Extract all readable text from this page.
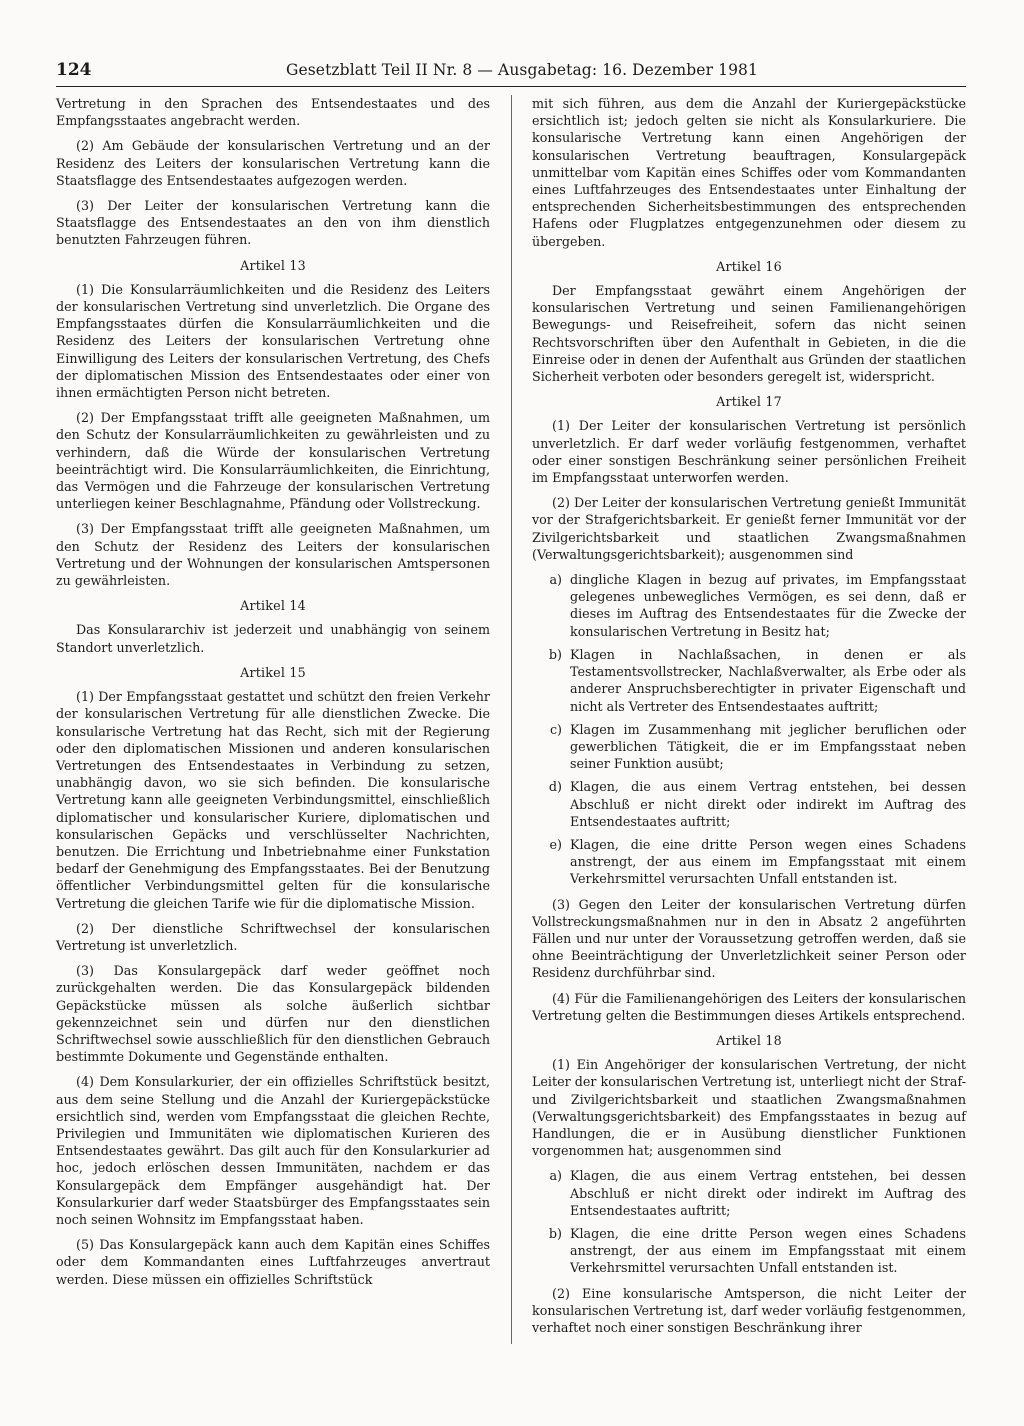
124	Gesetzblatt Teil II Nr. 8 — Ausgabetag: 16. Dezember 1981

Vertretung in den Sprachen des Entsendestaates und des Empfangsstaates angebracht werden.

(2) Am Gebäude der konsularischen Vertretung und an der Residenz des Leiters der konsularischen Vertretung kann die Staatsflagge des Entsendestaates aufgezogen werden.

(3) Der Leiter der konsularischen Vertretung kann die Staatsflagge des Entsendestaates an den von ihm dienstlich benutzten Fahrzeugen führen.

Artikel 13

(1) Die Konsularräumlichkeiten und die Residenz des Leiters der konsularischen Vertretung sind unverletzlich. Die Organe des Empfangsstaates dürfen die Konsularräumlichkeiten und die Residenz des Leiters der konsularischen Vertretung ohne Einwilligung des Leiters der konsularischen Vertretung, des Chefs der diplomatischen Mission des Entsendestaates oder einer von ihnen ermächtigten Person nicht betreten.

(2) Der Empfangsstaat trifft alle geeigneten Maßnahmen, um den Schutz der Konsularräumlichkeiten zu gewährleisten und zu verhindern, daß die Würde der konsularischen Vertretung beeinträchtigt wird. Die Konsularräumlichkeiten, die Einrichtung, das Vermögen und die Fahrzeuge der konsularischen Vertretung unterliegen keiner Beschlagnahme, Pfändung oder Vollstreckung.

(3) Der Empfangsstaat trifft alle geeigneten Maßnahmen, um den Schutz der Residenz des Leiters der konsularischen Vertretung und der Wohnungen der konsularischen Amtspersonen zu gewährleisten.

Artikel 14

Das Konsulararchiv ist jederzeit und unabhängig von seinem Standort unverletzlich.

Artikel 15

(1) Der Empfangsstaat gestattet und schützt den freien Verkehr der konsularischen Vertretung für alle dienstlichen Zwecke. Die konsularische Vertretung hat das Recht, sich mit der Regierung oder den diplomatischen Missionen und anderen konsularischen Vertretungen des Entsendestaates in Verbindung zu setzen, unabhängig davon, wo sie sich befinden. Die konsularische Vertretung kann alle geeigneten Verbindungsmittel, einschließlich diplomatischer und konsularischer Kuriere, diplomatischen und konsularischen Gepäcks und verschlüsselter Nachrichten, benutzen. Die Errichtung und Inbetriebnahme einer Funkstation bedarf der Genehmigung des Empfangsstaates. Bei der Benutzung öffentlicher Verbindungsmittel gelten für die konsularische Vertretung die gleichen Tarife wie für die diplomatische Mission.

(2) Der dienstliche Schriftwechsel der konsularischen Vertretung ist unverletzlich.

(3) Das Konsulargepäck darf weder geöffnet noch zurückgehalten werden. Die das Konsulargepäck bildenden Gepäckstücke müssen als solche äußerlich sichtbar gekennzeichnet sein und dürfen nur den dienstlichen Schriftwechsel sowie ausschließlich für den dienstlichen Gebrauch bestimmte Dokumente und Gegenstände enthalten.

(4) Dem Konsularkurier, der ein offizielles Schriftstück besitzt, aus dem seine Stellung und die Anzahl der Kuriergepäckstücke ersichtlich sind, werden vom Empfangsstaat die gleichen Rechte, Privilegien und Immunitäten wie diplomatischen Kurieren des Entsendestaates gewährt. Das gilt auch für den Konsularkurier ad hoc, jedoch erlöschen dessen Immunitäten, nachdem er das Konsulargepäck dem Empfänger ausgehändigt hat. Der Konsularkurier darf weder Staatsbürger des Empfangsstaates sein noch seinen Wohnsitz im Empfangsstaat haben.

(5) Das Konsulargepäck kann auch dem Kapitän eines Schiffes oder dem Kommandanten eines Luftfahrzeuges anvertraut werden. Diese müssen ein offizielles Schriftstück

mit sich führen, aus dem die Anzahl der Kuriergepäckstücke ersichtlich ist; jedoch gelten sie nicht als Konsularkuriere. Die konsularische Vertretung kann einen Angehörigen der konsularischen Vertretung beauftragen, Konsulargepäck unmittelbar vom Kapitän eines Schiffes oder vom Kommandanten eines Luftfahrzeuges des Entsendestaates unter Einhaltung der entsprechenden Sicherheitsbestimmungen des entsprechenden Hafens oder Flugplatzes entgegenzunehmen oder diesem zu übergeben.

Artikel 16

Der Empfangsstaat gewährt einem Angehörigen der konsularischen Vertretung und seinen Familienangehörigen Bewegungs- und Reisefreiheit, sofern das nicht seinen Rechtsvorschriften über den Aufenthalt in Gebieten, in die die Einreise oder in denen der Aufenthalt aus Gründen der staatlichen Sicherheit verboten oder besonders geregelt ist, widerspricht.

Artikel 17

(1) Der Leiter der konsularischen Vertretung ist persönlich unverletzlich. Er darf weder vorläufig festgenommen, verhaftet oder einer sonstigen Beschränkung seiner persönlichen Freiheit im Empfangsstaat unterworfen werden.

(2) Der Leiter der konsularischen Vertretung genießt Immunität vor der Strafgerichtsbarkeit. Er genießt ferner Immunität vor der Zivilgerichtsbarkeit und staatlichen Zwangsmaßnahmen (Verwaltungsgerichtsbarkeit); ausgenommen sind

a) dingliche Klagen in bezug auf privates, im Empfangsstaat gelegenes unbewegliches Vermögen, es sei denn, daß er dieses im Auftrag des Entsendestaates für die Zwecke der konsularischen Vertretung in Besitz hat;
b) Klagen in Nachlaßsachen, in denen er als Testamentsvollstrecker, Nachlaßverwalter, als Erbe oder als anderer Anspruchsberechtigter in privater Eigenschaft und nicht als Vertreter des Entsendestaates auftritt;
c) Klagen im Zusammenhang mit jeglicher beruflichen oder gewerblichen Tätigkeit, die er im Empfangsstaat neben seiner Funktion ausübt;
d) Klagen, die aus einem Vertrag entstehen, bei dessen Abschluß er nicht direkt oder indirekt im Auftrag des Entsendestaates auftritt;
e) Klagen, die eine dritte Person wegen eines Schadens anstrengt, der aus einem im Empfangsstaat mit einem Verkehrsmittel verursachten Unfall entstanden ist.

(3) Gegen den Leiter der konsularischen Vertretung dürfen Vollstreckungsmaßnahmen nur in den in Absatz 2 angeführten Fällen und nur unter der Voraussetzung getroffen werden, daß sie ohne Beeinträchtigung der Unverletzlichkeit seiner Person oder Residenz durchführbar sind.

(4) Für die Familienangehörigen des Leiters der konsularischen Vertretung gelten die Bestimmungen dieses Artikels entsprechend.

Artikel 18

(1) Ein Angehöriger der konsularischen Vertretung, der nicht Leiter der konsularischen Vertretung ist, unterliegt nicht der Straf- und Zivilgerichtsbarkeit und staatlichen Zwangsmaßnahmen (Verwaltungsgerichtsbarkeit) des Empfangsstaates in bezug auf Handlungen, die er in Ausübung dienstlicher Funktionen vorgenommen hat; ausgenommen sind

a) Klagen, die aus einem Vertrag entstehen, bei dessen Abschluß er nicht direkt oder indirekt im Auftrag des Entsendestaates auftritt;
b) Klagen, die eine dritte Person wegen eines Schadens anstrengt, der aus einem im Empfangsstaat mit einem Verkehrsmittel verursachten Unfall entstanden ist.

(2) Eine konsularische Amtsperson, die nicht Leiter der konsularischen Vertretung ist, darf weder vorläufig festgenommen, verhaftet noch einer sonstigen Beschränkung ihrer
